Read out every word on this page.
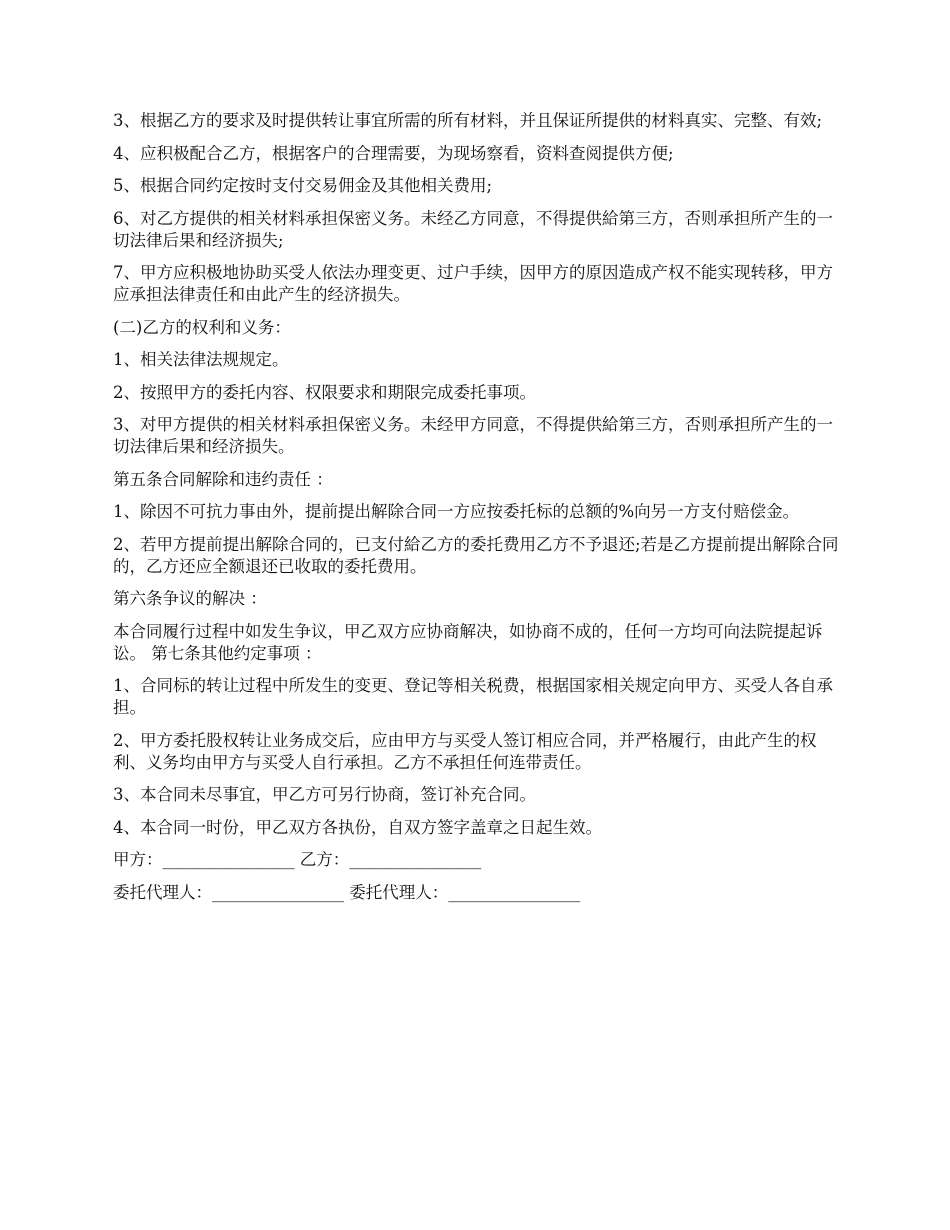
3、根据乙方的要求及时提供转让事宜所需的所有材料，并且保证所提供的材料真实、完整、有效;

4、应积极配合乙方，根据客户的合理需要，为现场察看，资料查阅提供方便;

5、根据合同约定按时支付交易佣金及其他相关费用;

6、对乙方提供的相关材料承担保密义务。未经乙方同意，不得提供給第三方，否则承担所产生的一切法律后果和经济损失;

7、甲方应积极地协助买受人依法办理变更、过户手续，因甲方的原因造成产权不能实现转移，甲方应承担法律责任和由此产生的经济损失。

(二)乙方的权利和义务：

1、相关法律法规规定。

2、按照甲方的委托内容、权限要求和期限完成委托事项。

3、对甲方提供的相关材料承担保密义务。未经甲方同意，不得提供給第三方，否则承担所产生的一切法律后果和经济损失。

第五条合同解除和违约责任 ：

1、除因不可抗力事由外，提前提出解除合同一方应按委托标的总额的%向另一方支付赔偿金。

2、若甲方提前提出解除合同的，已支付給乙方的委托费用乙方不予退还;若是乙方提前提出解除合同的，乙方还应全额退还已收取的委托费用。

第六条争议的解决 ：

本合同履行过程中如发生争议，甲乙双方应协商解决，如协商不成的，任何一方均可向法院提起诉讼。 第七条其他约定事项 ：

1、合同标的转让过程中所发生的变更、登记等相关税费，根据国家相关规定向甲方、买受人各自承担。

2、甲方委托股权转让业务成交后，应由甲方与买受人签订相应合同，并严格履行，由此产生的权利、义务均由甲方与买受人自行承担。乙方不承担任何连带责任。

3、本合同未尽事宜，甲乙方可另行协商，签订补充合同。

4、本合同一时份，甲乙双方各执份，自双方签字盖章之日起生效。

甲方：________________ 乙方：________________

委托代理人：________________ 委托代理人：________________
